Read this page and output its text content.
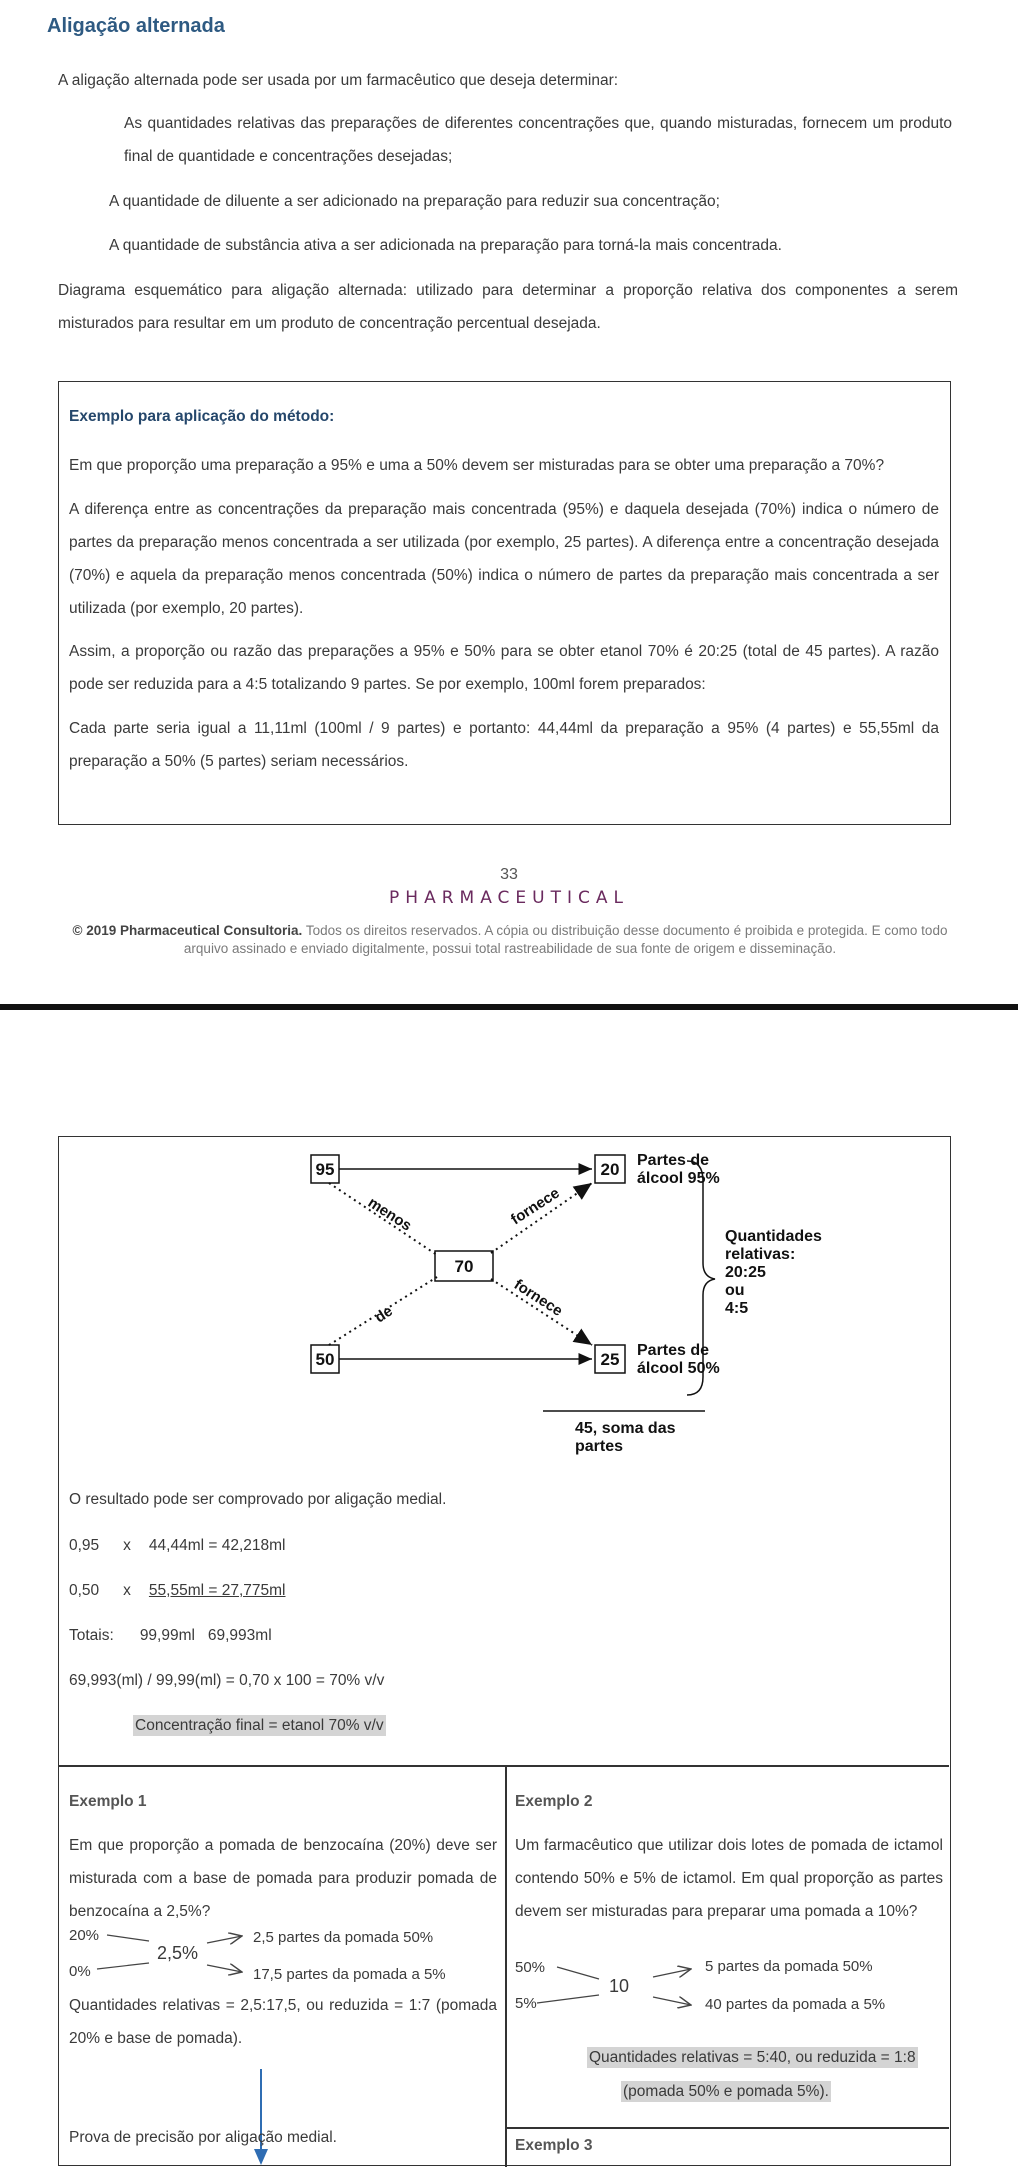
Aligação alternada
A aligação alternada pode ser usada por um farmacêutico que deseja determinar:
As quantidades relativas das preparações de diferentes concentrações que, quando misturadas, fornecem um produto final de quantidade e concentrações desejadas;
A quantidade de diluente a ser adicionado na preparação para reduzir sua concentração;
A quantidade de substância ativa a ser adicionada na preparação para torná-la mais concentrada.
Diagrama esquemático para aligação alternada: utilizado para determinar a proporção relativa dos componentes a serem misturados para resultar em um produto de concentração percentual desejada.
Exemplo para aplicação do método:
Em que proporção uma preparação a 95% e uma a 50% devem ser misturadas para se obter uma preparação a 70%?
A diferença entre as concentrações da preparação mais concentrada (95%) e daquela desejada (70%) indica o número de partes da preparação menos concentrada a ser utilizada (por exemplo, 25 partes). A diferença entre a concentração desejada (70%) e aquela da preparação menos concentrada (50%) indica o número de partes da preparação mais concentrada a ser utilizada (por exemplo, 20 partes).
Assim, a proporção ou razão das preparações a 95% e 50% para se obter etanol 70% é 20:25 (total de 45 partes). A razão pode ser reduzida para a 4:5 totalizando 9 partes. Se por exemplo, 100ml forem preparados:
Cada parte seria igual a 11,11ml (100ml / 9 partes) e portanto: 44,44ml da preparação a 95% (4 partes) e 55,55ml da preparação a 50% (5 partes) seriam necessários.
33
PHARMACEUTICAL
© 2019 Pharmaceutical Consultoria. Todos os direitos reservados. A cópia ou distribuição desse documento é proibida e protegida. E como todo arquivo assinado e enviado digitalmente, possui total rastreabilidade de sua fonte de origem e disseminação.
95
50
70
20
25
menos
de
fornece
fornece
Partes de
álcool 95%
Partes de
álcool 50%
Quantidades
relativas:
20:25
ou
4:5
45, soma das
partes
O resultado pode ser comprovado por aligação medial.
0,95 x 44,44ml = 42,218ml
0,50 x 55,55ml = 27,775ml
Totais: 99,99ml   69,993ml
69,993(ml) / 99,99(ml) = 0,70 x 100 = 70% v/v
Concentração final = etanol 70% v/v
Exemplo 1
Em que proporção a pomada de benzocaína (20%) deve ser misturada com a base de pomada para produzir pomada de benzocaína a 2,5%?
20%
0%
2,5%
2,5 partes da pomada 50%
17,5 partes da pomada a 5%
Quantidades relativas = 2,5:17,5, ou reduzida = 1:7 (pomada 20% e base de pomada).
Prova de precisão por aligação medial.
Exemplo 2
Um farmacêutico que utilizar dois lotes de pomada de ictamol contendo 50% e 5% de ictamol. Em qual proporção as partes devem ser misturadas para preparar uma pomada a 10%?
50%
5%
10
5 partes da pomada 50%
40 partes da pomada a 5%
Quantidades relativas = 5:40, ou reduzida = 1:8
(pomada 50% e pomada 5%).
Exemplo 3
